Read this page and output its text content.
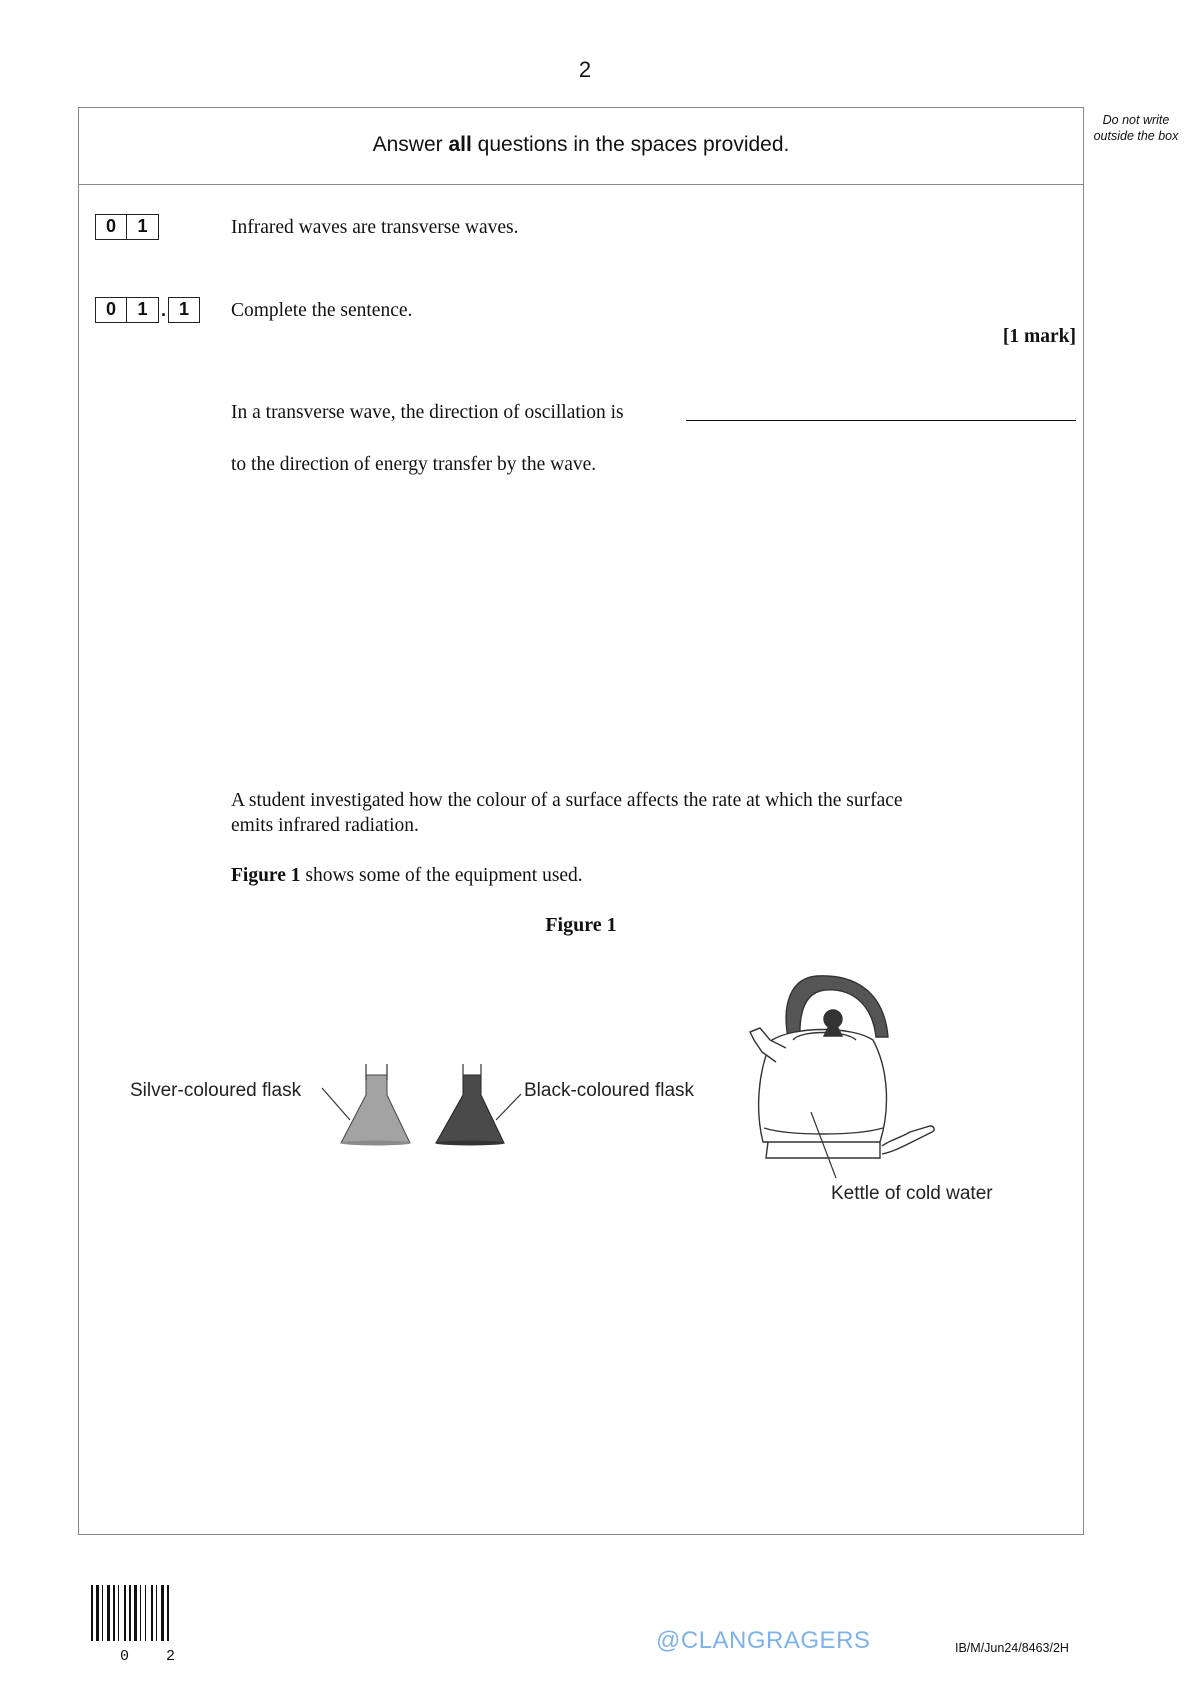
2
Do not write outside the box
Answer all questions in the spaces provided.
0	1	Infrared waves are transverse waves.
0	1 . 1	Complete the sentence.
[1 mark]
In a transverse wave, the direction of oscillation is
to the direction of energy transfer by the wave.
A student investigated how the colour of a surface affects the rate at which the surface
emits infrared radiation.
Figure 1 shows some of the equipment used.
Figure 1
Silver-coloured flask	Black-coloured flask
Kettle of cold water
0 2
@CLANGRAGERS	IB/M/Jun24/8463/2H
